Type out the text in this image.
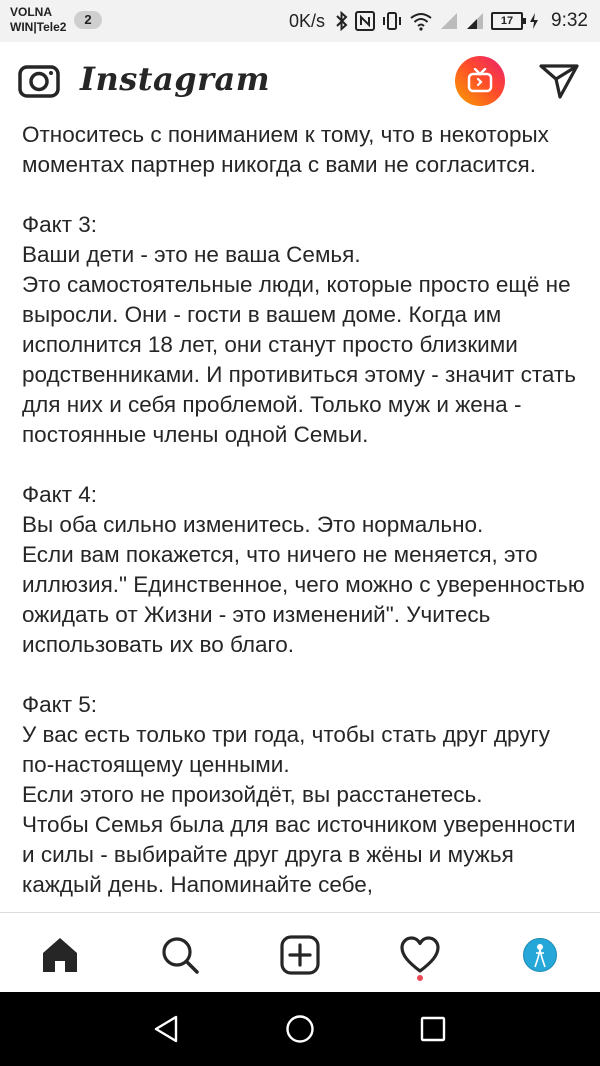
VOLNA
WIN|Tele2	2	0K/s	17	9:32
Instagram

Относитесь с пониманием к тому, что в некоторых моментах партнер никогда с вами не согласится.

Факт 3:
Ваши дети - это не ваша Семья.
Это самостоятельные люди, которые просто ещё не выросли. Они - гости в вашем доме. Когда им исполнится 18 лет, они станут просто близкими родственниками. И противиться этому - значит стать для них и себя проблемой. Только муж и жена - постоянные члены одной Семьи.

Факт 4:
Вы оба сильно изменитесь. Это нормально.
Если вам покажется, что ничего не меняется, это иллюзия." Единственное, чего можно с уверенностью ожидать от Жизни - это изменений". Учитесь использовать их во благо.

Факт 5:
У вас есть только три года, чтобы стать друг другу по-настоящему ценными.
Если этого не произойдёт, вы расстанетесь.
Чтобы Семья была для вас источником уверенности и силы - выбирайте друг друга в жёны и мужья каждый день. Напоминайте себе,
